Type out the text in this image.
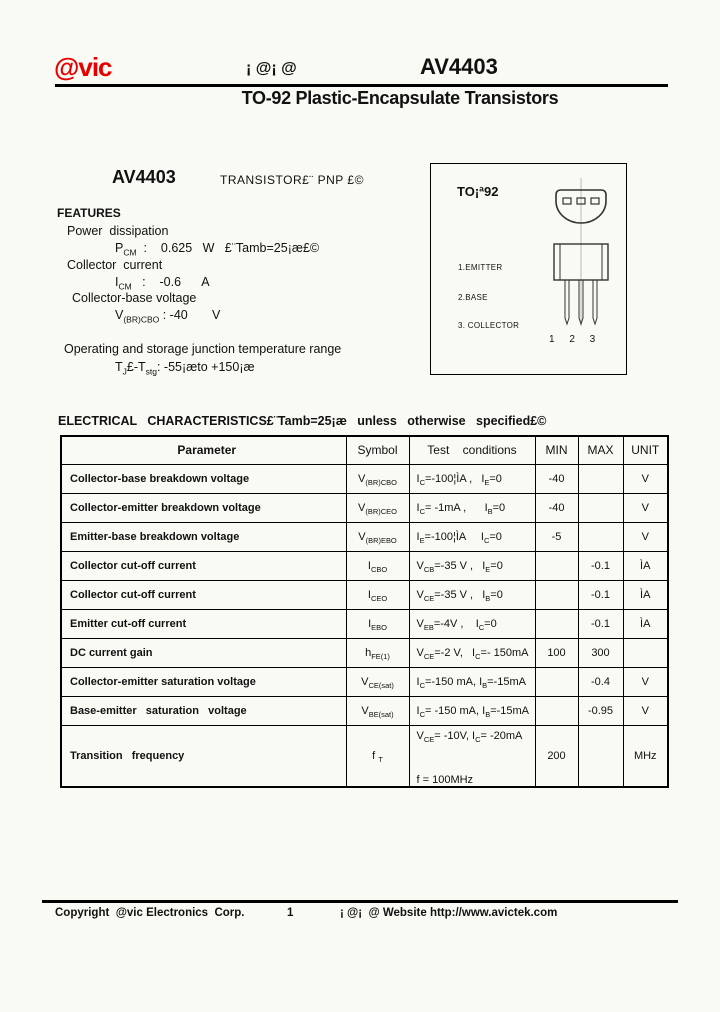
@vic	¡ @¡ @	AV4403
TO-92 Plastic-Encapsulate Transistors
AV4403	TRANSISTOR£¨ PNP £©
FEATURES
Power  dissipation
$P_{CM}$  :    0.625   W   £¨Tamb=25¡æ£©
Collector  current
$I_{CM}$   :    -0.6      A
Collector-base voltage
$V_{(BR)CBO}$ : -40       V
Operating and storage junction temperature range
$T_J£-T_{stg}$: -55¡æto +150¡æ
TO¡ª92
1.EMITTER
2.BASE
3. COLLECTOR
1 2 3
ELECTRICAL   CHARACTERISTICS£¨Tamb=25¡æ   unless   otherwise   specified£©
Parameter	Symbol	Test    conditions	MIN	MAX	UNIT
Collector-base breakdown voltage	$V_{(BR)CBO}$	$I_C=-100¦ÌA$ ,   $I_E=0$	-40		V
Collector-emitter breakdown voltage	$V_{(BR)CEO}$	$I_C= -1mA$ ,      $I_B=0$	-40		V
Emitter-base breakdown voltage	$V_{(BR)EBO}$	$I_E=-100¦ÌA$     $I_C=0$	-5		V
Collector cut-off current	$I_{CBO}$	$V_{CB}=-35$ V ,   $I_E=0$		-0.1	ÌA
Collector cut-off current	$I_{CEO}$	$V_{CE}=-35$ V ,   $I_B=0$		-0.1	ÌA
Emitter cut-off current	$I_{EBO}$	$V_{EB}=-4V$ ,    $I_C=0$		-0.1	ÌA
DC current gain	$h_{FE(1)}$	$V_{CE}=-2$ V,   $I_C=-$ 150mA	100	300	
Collector-emitter saturation voltage	$V_{CE(sat)}$	$I_C=-150$ mA, $I_B=-15mA$		-0.4	V
Base-emitter   saturation   voltage	$V_{BE(sat)}$	$I_C= -150$ mA, $I_B=-15mA$		-0.95	V
Transition   frequency	f $_T$	$V_{CE}= -10V$, $I_C= -20mA$
f = 100MHz	200		MHz
Copyright  @vic Electronics  Corp.	1	¡ @¡  @ Website http://www.avictek.com
